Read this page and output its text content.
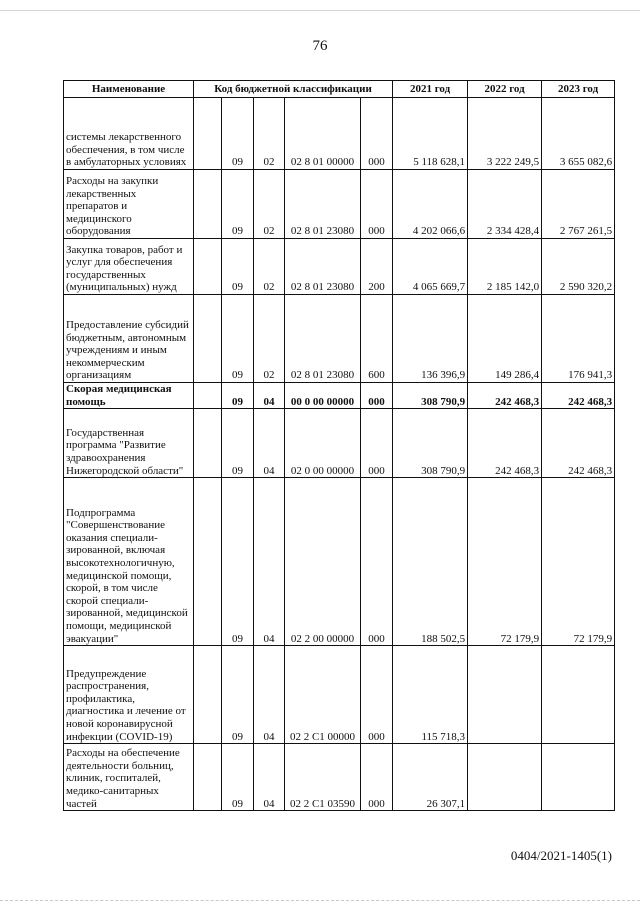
76
Наименование	Код бюджетной классификации					2021 год	2022 год	2023 год
системы лекарственного обеспечения, в том числе в амбулаторных условиях		09	02	02 8 01 00000	000	5 118 628,1	3 222 249,5	3 655 082,6
Расходы на закупки лекарственных препаратов и медицинского оборудования		09	02	02 8 01 23080	000	4 202 066,6	2 334 428,4	2 767 261,5
Закупка товаров, работ и услуг для обеспечения государственных (муниципальных) нужд		09	02	02 8 01 23080	200	4 065 669,7	2 185 142,0	2 590 320,2
Предоставление субсидий бюджетным, автономным учреждениям и иным некоммерческим организациям		09	02	02 8 01 23080	600	136 396,9	149 286,4	176 941,3
Скорая медицинская помощь		09	04	00 0 00 00000	000	308 790,9	242 468,3	242 468,3
Государственная программа "Развитие здравоохранения Нижегородской области"		09	04	02 0 00 00000	000	308 790,9	242 468,3	242 468,3
Подпрограмма "Совершенствование оказания специали-зированной, включая высокотехнологичную, медицинской помощи, скорой, в том числе скорой специали-зированной, медицинской помощи, медицинской эвакуации"		09	04	02 2 00 00000	000	188 502,5	72 179,9	72 179,9
Предупреждение распространения, профилактика, диагностика и лечение от новой коронавирусной инфекции (COVID-19)		09	04	02 2 C1 00000	000	115 718,3		
Расходы на обеспечение деятельности больниц, клиник, госпиталей, медико-санитарных частей		09	04	02 2 C1 03590	000	26 307,1		
0404/2021-1405(1)
